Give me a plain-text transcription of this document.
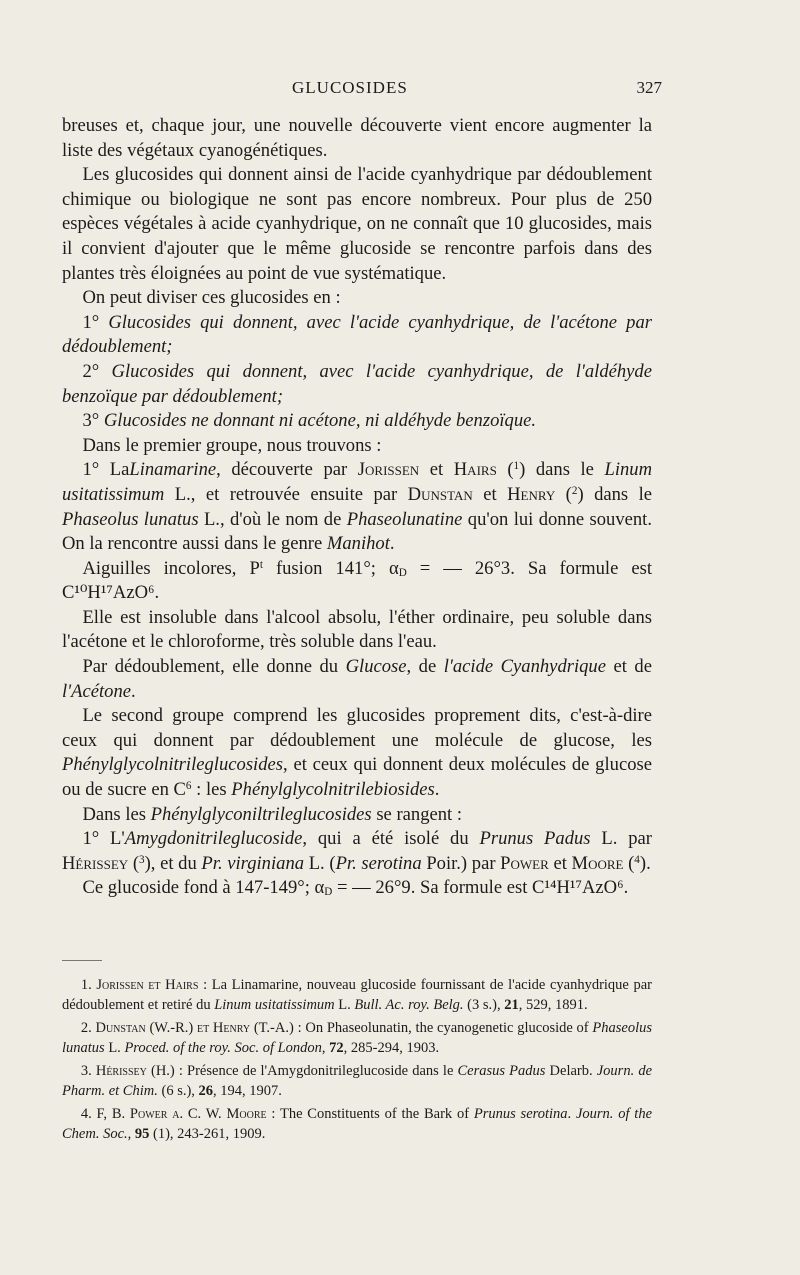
GLUCOSIDES	327

breuses et, chaque jour, une nouvelle découverte vient encore augmenter la liste des végétaux cyanogénétiques.

Les glucosides qui donnent ainsi de l'acide cyanhydrique par dédoublement chimique ou biologique ne sont pas encore nombreux. Pour plus de 250 espèces végétales à acide cyanhydrique, on ne connaît que 10 glucosides, mais il convient d'ajouter que le même glucoside se rencontre parfois dans des plantes très éloignées au point de vue systématique.

On peut diviser ces glucosides en :

1° Glucosides qui donnent, avec l'acide cyanhydrique, de l'acétone par dédoublement;

2° Glucosides qui donnent, avec l'acide cyanhydrique, de l'aldéhyde benzoïque par dédoublement;

3° Glucosides ne donnant ni acétone, ni aldéhyde benzoïque.

Dans le premier groupe, nous trouvons :

1° LaLinamarine, découverte par Jorissen et Hairs ($^1$) dans le Linum usitatissimum L., et retrouvée ensuite par Dunstan et Henry ($^2$) dans le Phaseolus lunatus L., d'où le nom de Phaseolunatine qu'on lui donne souvent. On la rencontre aussi dans le genre Manihot.

Aiguilles incolores, $P^t$ fusion 141°; $\alpha_D$ = — 26°3. Sa formule est C¹⁰H¹⁷AzO⁶.

Elle est insoluble dans l'alcool absolu, l'éther ordinaire, peu soluble dans l'acétone et le chloroforme, très soluble dans l'eau.

Par dédoublement, elle donne du Glucose, de l'acide Cyanhydrique et de l'Acétone.

Le second groupe comprend les glucosides proprement dits, c'est-à-dire ceux qui donnent par dédoublement une molécule de glucose, les Phénylglycolnitrileglucosides, et ceux qui donnent deux molécules de glucose ou de sucre en $C^6$ : les Phénylglycolnitrilebiosides.

Dans les Phénylglyconiltrileglucosides se rangent :

1° L'Amygdonitrileglucoside, qui a été isolé du Prunus Padus L. par Hérissey ($^3$), et du Pr. virginiana L. (Pr. serotina Poir.) par Power et Moore ($^4$).

Ce glucoside fond à 147-149°; $\alpha_D$ = — 26°9. Sa formule est C¹⁴H¹⁷AzO⁶.

1. Jorissen et Hairs : La Linamarine, nouveau glucoside fournissant de l'acide cyanhydrique par dédoublement et retiré du Linum usitatissimum L. Bull. Ac. roy. Belg. (3 s.), 21, 529, 1891.

2. Dunstan (W.-R.) et Henry (T.-A.) : On Phaseolunatin, the cyanogenetic glucoside of Phaseolus lunatus L. Proced. of the roy. Soc. of London, 72, 285-294, 1903.

3. Hérissey (H.) : Présence de l'Amygdonitrileglucoside dans le Cerasus Padus Delarb. Journ. de Pharm. et Chim. (6 s.), 26, 194, 1907.

4. F, B. Power a. C. W. Moore : The Constituents of the Bark of Prunus serotina. Journ. of the Chem. Soc., 95 (1), 243-261, 1909.
